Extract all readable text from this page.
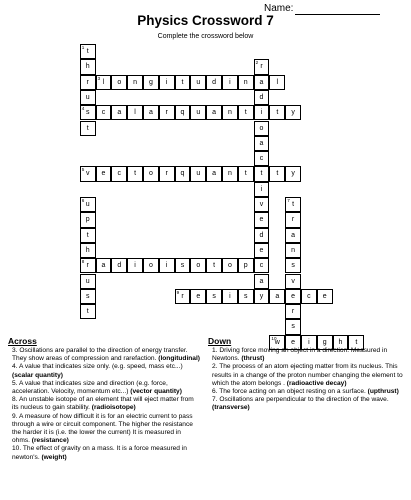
Name:
Physics Crossword 7
Complete the crossword below
1
t
h
r
u
4
s
t
2
r
a
d
i
o
a
c
t
i
v
e
d
e
c
a
y
3
l	o	n	g	i	t	u	d	i	n	l
c	a	l	a	r	q	u	a	n	t	t	y
5
v	e	c	t	o	r	q	u	a	n	t	t	y
6
u
p
t
h
8
r
u
s
t
7
t
r
a
n
s
v
e
r
s
e
a	d	i	o	i	s	o	t	o	p
9
r	e	s	i	s	a	c	e
10
w	i	g	h	t
Across
3. Oscillations are parallel to the direction of energy transfer. They show areas of compression and rarefaction. (longitudinal)
4. A value that indicates size only. (e.g. speed, mass etc...) (scalar quantity)
5. A value that indicates size and direction (e.g. force, acceleration. Velocity, momentum etc...) (vector quantity)
8. An unstable isotope of an element that will eject matter from its nucleus to gain stability. (radioisotope)
9. A measure of how difficult it is for an electric current to pass through a wire or circuit component. The higher the resistance the harder it is (i.e. the lower the current) It is measured in ohms. (resistance)
10. The effect of gravity on a mass. It is a force measured in newton's. (weight)
Down
1. Driving force moving an object in a direction. Measured in Newtons. (thrust)
2. The process of an atom ejecting matter from its nucleus. This results in a change of the proton number changing the element to which the atom belongs . (radioactive decay)
6. The force acting on an object resting on a surface. (upthrust)
7. Oscillations are perpendicular to the direction of the wave. (transverse)
